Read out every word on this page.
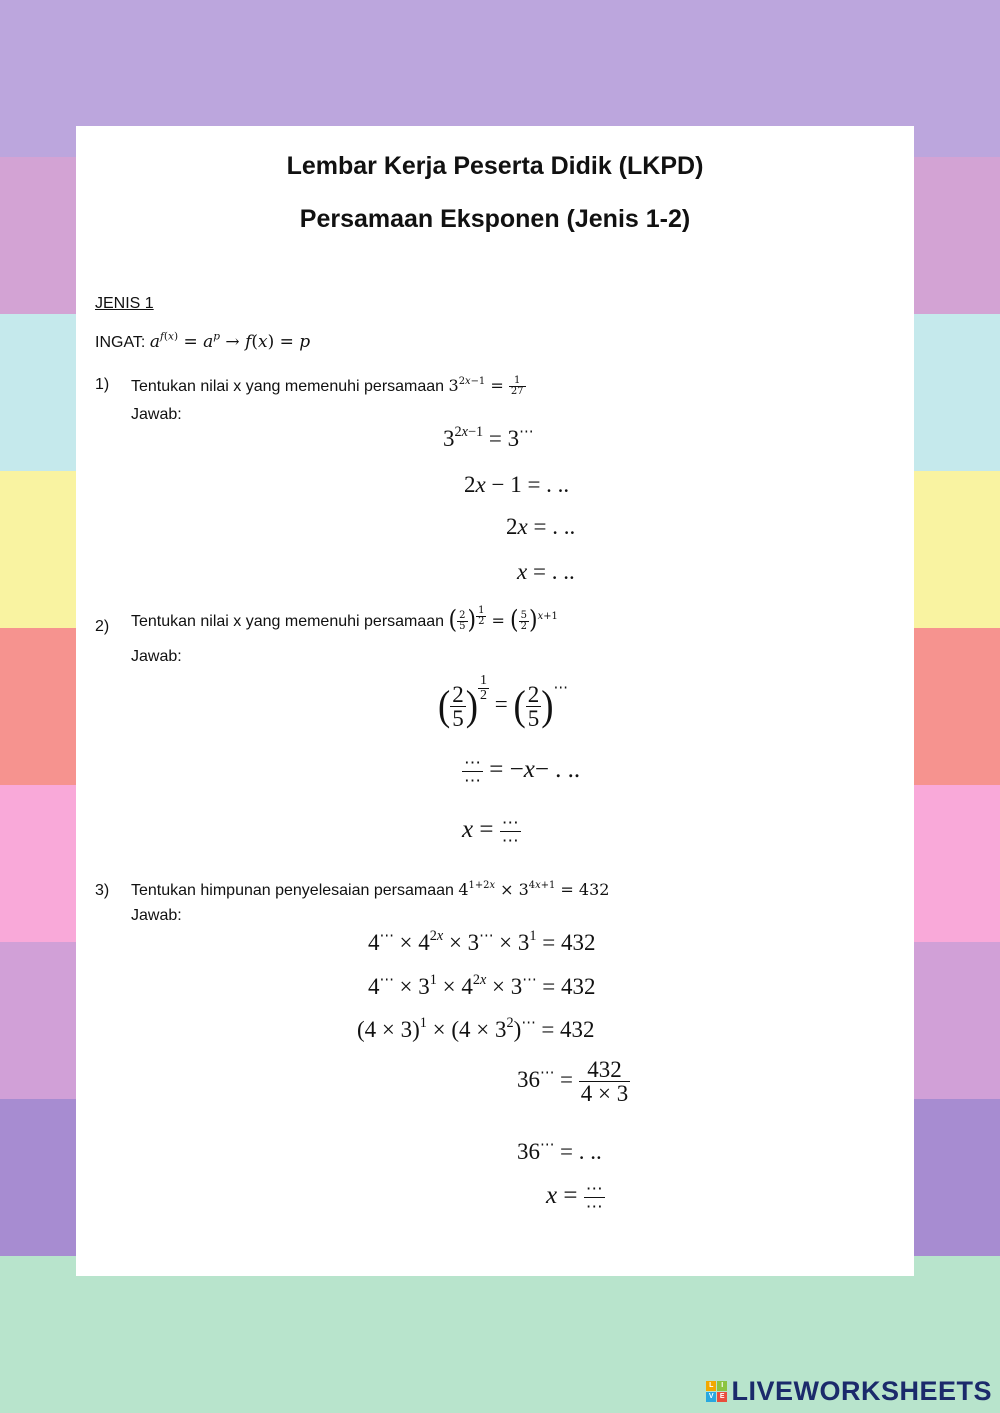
Lembar Kerja Peserta Didik (LKPD)
Persamaan Eksponen (Jenis 1-2)
JENIS 1
INGAT: $a^{f(x)} = a^p \to f(x) = p$
1) Tentukan nilai x yang memenuhi persamaan $3^{2x-1} = \frac{1}{27}$
Jawab:
$3^{2x-1} = 3^\cdots$
2x − 1 = . ..
2x = . ..
x = . ..
2) Tentukan nilai x yang memenuhi persamaan ( $\frac{2}{5}$ ) $^{\frac{1}{2}}$ = ( $\frac{5}{2} )^{x+1}$
Jawab:
( $\frac{2}{5}$ ) $^{\frac{1}{2}}$
= ( $\frac{2}{5} )^\cdots$
$\frac{\cdots}{\cdots} = -x-$ . ..
$x = \frac{\cdots}{\cdots}$
3) Tentukan himpunan penyelesaian persamaan $4^{1+2x} \times 3^{4x+1} = 432$
Jawab:
$4^\cdots \times 4^{2x} \times 3^\cdots \times 3^1 = 432$
$4^\cdots \times 3^1 \times 4^{2x} \times 3^\cdots = 432$
$(4 \times 3)^1 \times (4 \times 3^2)^\cdots = 432$
$36^\cdots = \frac{432}{4 \times 3}$
36⋯ = . ..
$x = \frac{\cdots}{\cdots}$
L	I
V E LIVEWORKSHEETS
